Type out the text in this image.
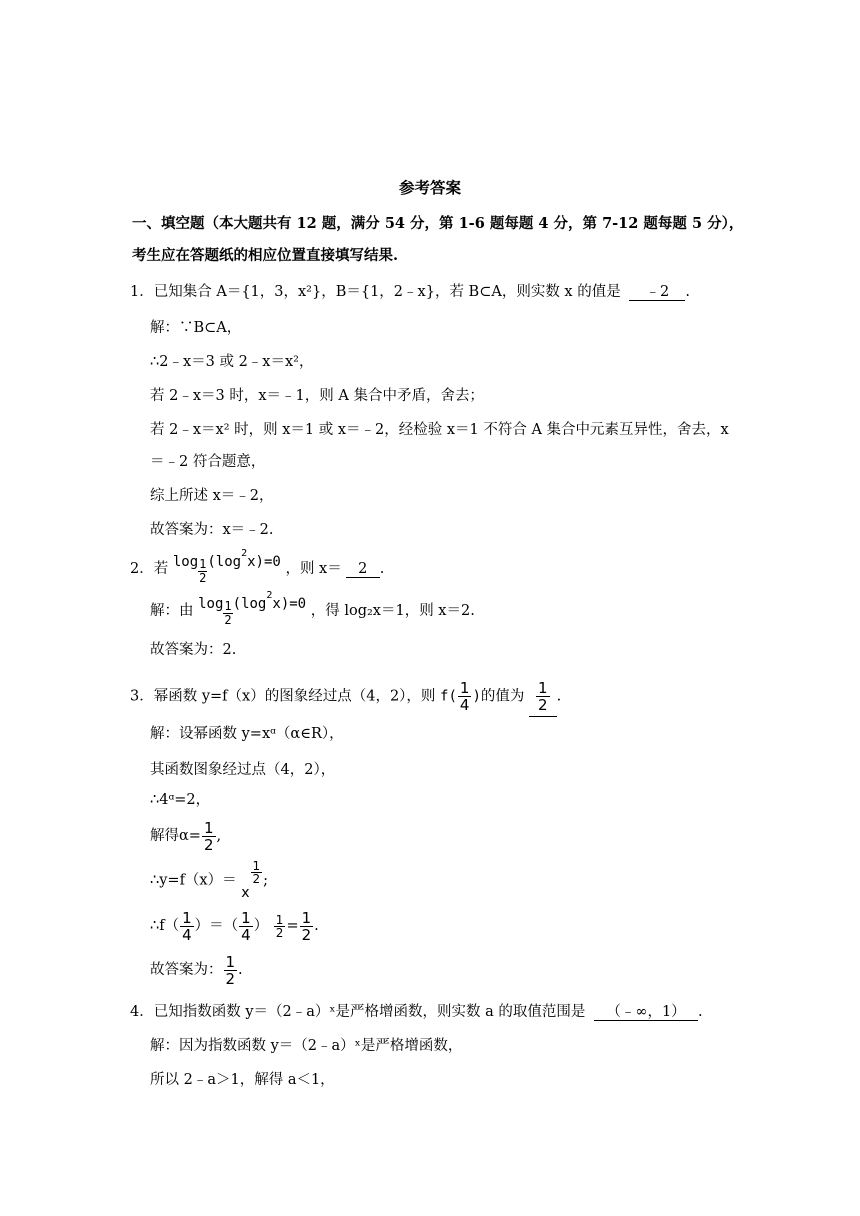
参考答案
一、填空题（本大题共有 12 题，满分 54 分，第 1-6 题每题 4 分，第 7-12 题每题 5 分），
考生应在答题纸的相应位置直接填写结果.
1．已知集合 A＝{1，3，x²}，B＝{1，2﹣x}，若 B⊂A，则实数 x 的值是 ﹣2 .
解：∵B⊂A，
∴2﹣x＝3 或 2﹣x＝x²，
若 2﹣x＝3 时，x＝﹣1，则 A 集合中矛盾，舍去；
若 2﹣x＝x² 时，则 x＝1 或 x＝﹣2，经检验 x＝1 不符合 A 集合中元素互异性，舍去，x
＝﹣2 符合题意，
综上所述 x＝﹣2，
故答案为：x＝﹣2.
2．若 $\log \frac{1}{2} (\log$
2
x)=0 ，则 x＝ 2 .
解：由 $\log \frac{1}{2} (\log$
2
x)=0 ，得 log₂x＝1，则 x＝2.
故答案为：2.
3．幂函数 y=f（x）的图象经过点（4，2），则 $f( \frac{1}{4}$ )的值为 $\frac{1}{2}$ .
解：设幂函数 y=xᵅ（α∈R），
其函数图象经过点（4，2），
∴4ᵅ=2，
解得$\alpha= \frac{1}{2}$ ,
∴y=f（x）＝
x
$\frac{1}{2}$ ;
∴f（ $\frac{1}{4}$ ）＝（ $\frac{1}{4}$ ） $\frac{1}{2} = \frac{1}{2}$ .
故答案为： $\frac{1}{2}$ .
4．已知指数函数 y＝（2﹣a）ˣ是严格增函数，则实数 a 的取值范围是 （﹣∞，1） .
解：因为指数函数 y＝（2﹣a）ˣ是严格增函数，
所以 2﹣a＞1，解得 a＜1，
